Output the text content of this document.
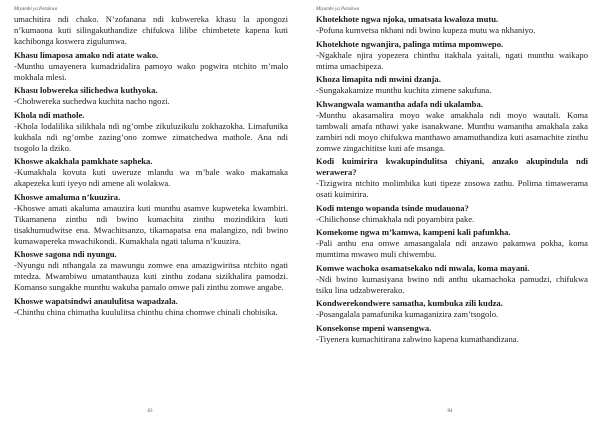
Miyambi ya Patsikwa
umachitira ndi chako. N’zofanana ndi kubwereka khasu la apongozi n’kumaona kuti silingakuthandize chifukwa lilibe chimbetete kapena kuti kachibonga koswera zigulumwa.
Khasu limaposa amako ndi atate wako.
-Munthu umayenera kumadzidalira pamoyo wako pogwira ntchito m’malo mokhala mlesi.
Khasu lobwereka silichedwa kuthyoka.
-Chobwereka suchedwa kuchita nacho ngozi.
Khola ndi mathole.
-Khola lodalilika silikhala ndi ng’ombe zikuluzikulu zokhazokha. Limafunika kukhala ndi ng’ombe zazing’ono zomwe zimatchedwa mathole. Ana ndi tsogolo la dziko.
Khoswe akakhala pamkhate sapheka.
-Kumakhala kovuta kuti uweruze mlandu wa m’bale wako makamaka akapezeka kuti iyeyo ndi amene ali wolakwa.
Khoswe amaluma n’kuuzira.
-Khoswe amati akaluma amauzira kuti munthu asamve kupweteka kwambiri. Tikamanena zinthu ndi bwino kumachita zinthu mozindikira kuti tisakhumudwitse ena. Mwachitsanzo, tikamapatsa ena malangizo, ndi bwino kumawapereka mwachikondi. Kumakhala ngati taluma n’kuuzira.
Khoswe sagona ndi nyungu.
-Nyungu ndi nthangala za mawungu zomwe ena amazigwiritsa ntchito ngati mtedza. Mwambiwu umatanthauza kuti zinthu zodana sizikhalira pamodzi. Komanso sungakhe munthu wakuba pamalo omwe pali zinthu zomwe angabe.
Khoswe wapatsindwi anaululitsa wapadzala.
-Chinthu china chimatha kuululitsa chinthu china chomwe chinali chobisika.
83
Miyambi ya Patsikwa
Khotekhote ngwa njoka, umatsata kwaloza mutu.
-Pofuna kumvetsa nkhani ndi bwino kupeza mutu wa nkhaniyo.
Khotekhote ngwanjira, palinga mtima mpomwepo.
-Ngakhale njira yopezera chinthu itakhala yaitali, ngati munthu waikapo mtima umachipeza.
Khoza limapita ndi mwini dzanja.
-Sungakakamize munthu kuchita zimene sakufuna.
Khwangwala wamantha adafa ndi ukalamba.
-Munthu akasamalira moyo wake amakhala ndi moyo wautali. Koma tambwali amafa nthawi yake isanakwane. Munthu wamantha amakhala zaka zambiri ndi moyo chifukwa manthawo amamuthandiza kuti asamachite zinthu zomwe zingachititse kuti afe msanga.
Kodi kuimirira kwakupindulitsa chiyani, anzako akupindula ndi werawera?
-Tizigwira ntchito molimbika kuti tipeze zosowa zathu. Polima timawerama osati kuimirira.
Kodi mtengo wopanda tsinde mudauona?
-Chilichonse chimakhala ndi poyambira pake.
Komekome ngwa m’kamwa, kampeni kali pafunkha.
-Pali anthu ena omwe amasangalala ndi anzawo pakamwa pokha, koma mumtima mwawo muli chiwembu.
Komwe wachoka osamatsekako ndi mwala, koma mayani.
-Ndi bwino kumasiyana bwino ndi anthu ukamachoka pamudzi, chifukwa tsiku lina udzabwererako.
Kondwerekondwere samatha, kumbuka zili kudza.
-Posangalala pamafunika kumaganizira zam’tsogolo.
Konsekonse mpeni wansengwa.
-Tiyenera kumachitirana zabwino kapena kumathandizana.
84
